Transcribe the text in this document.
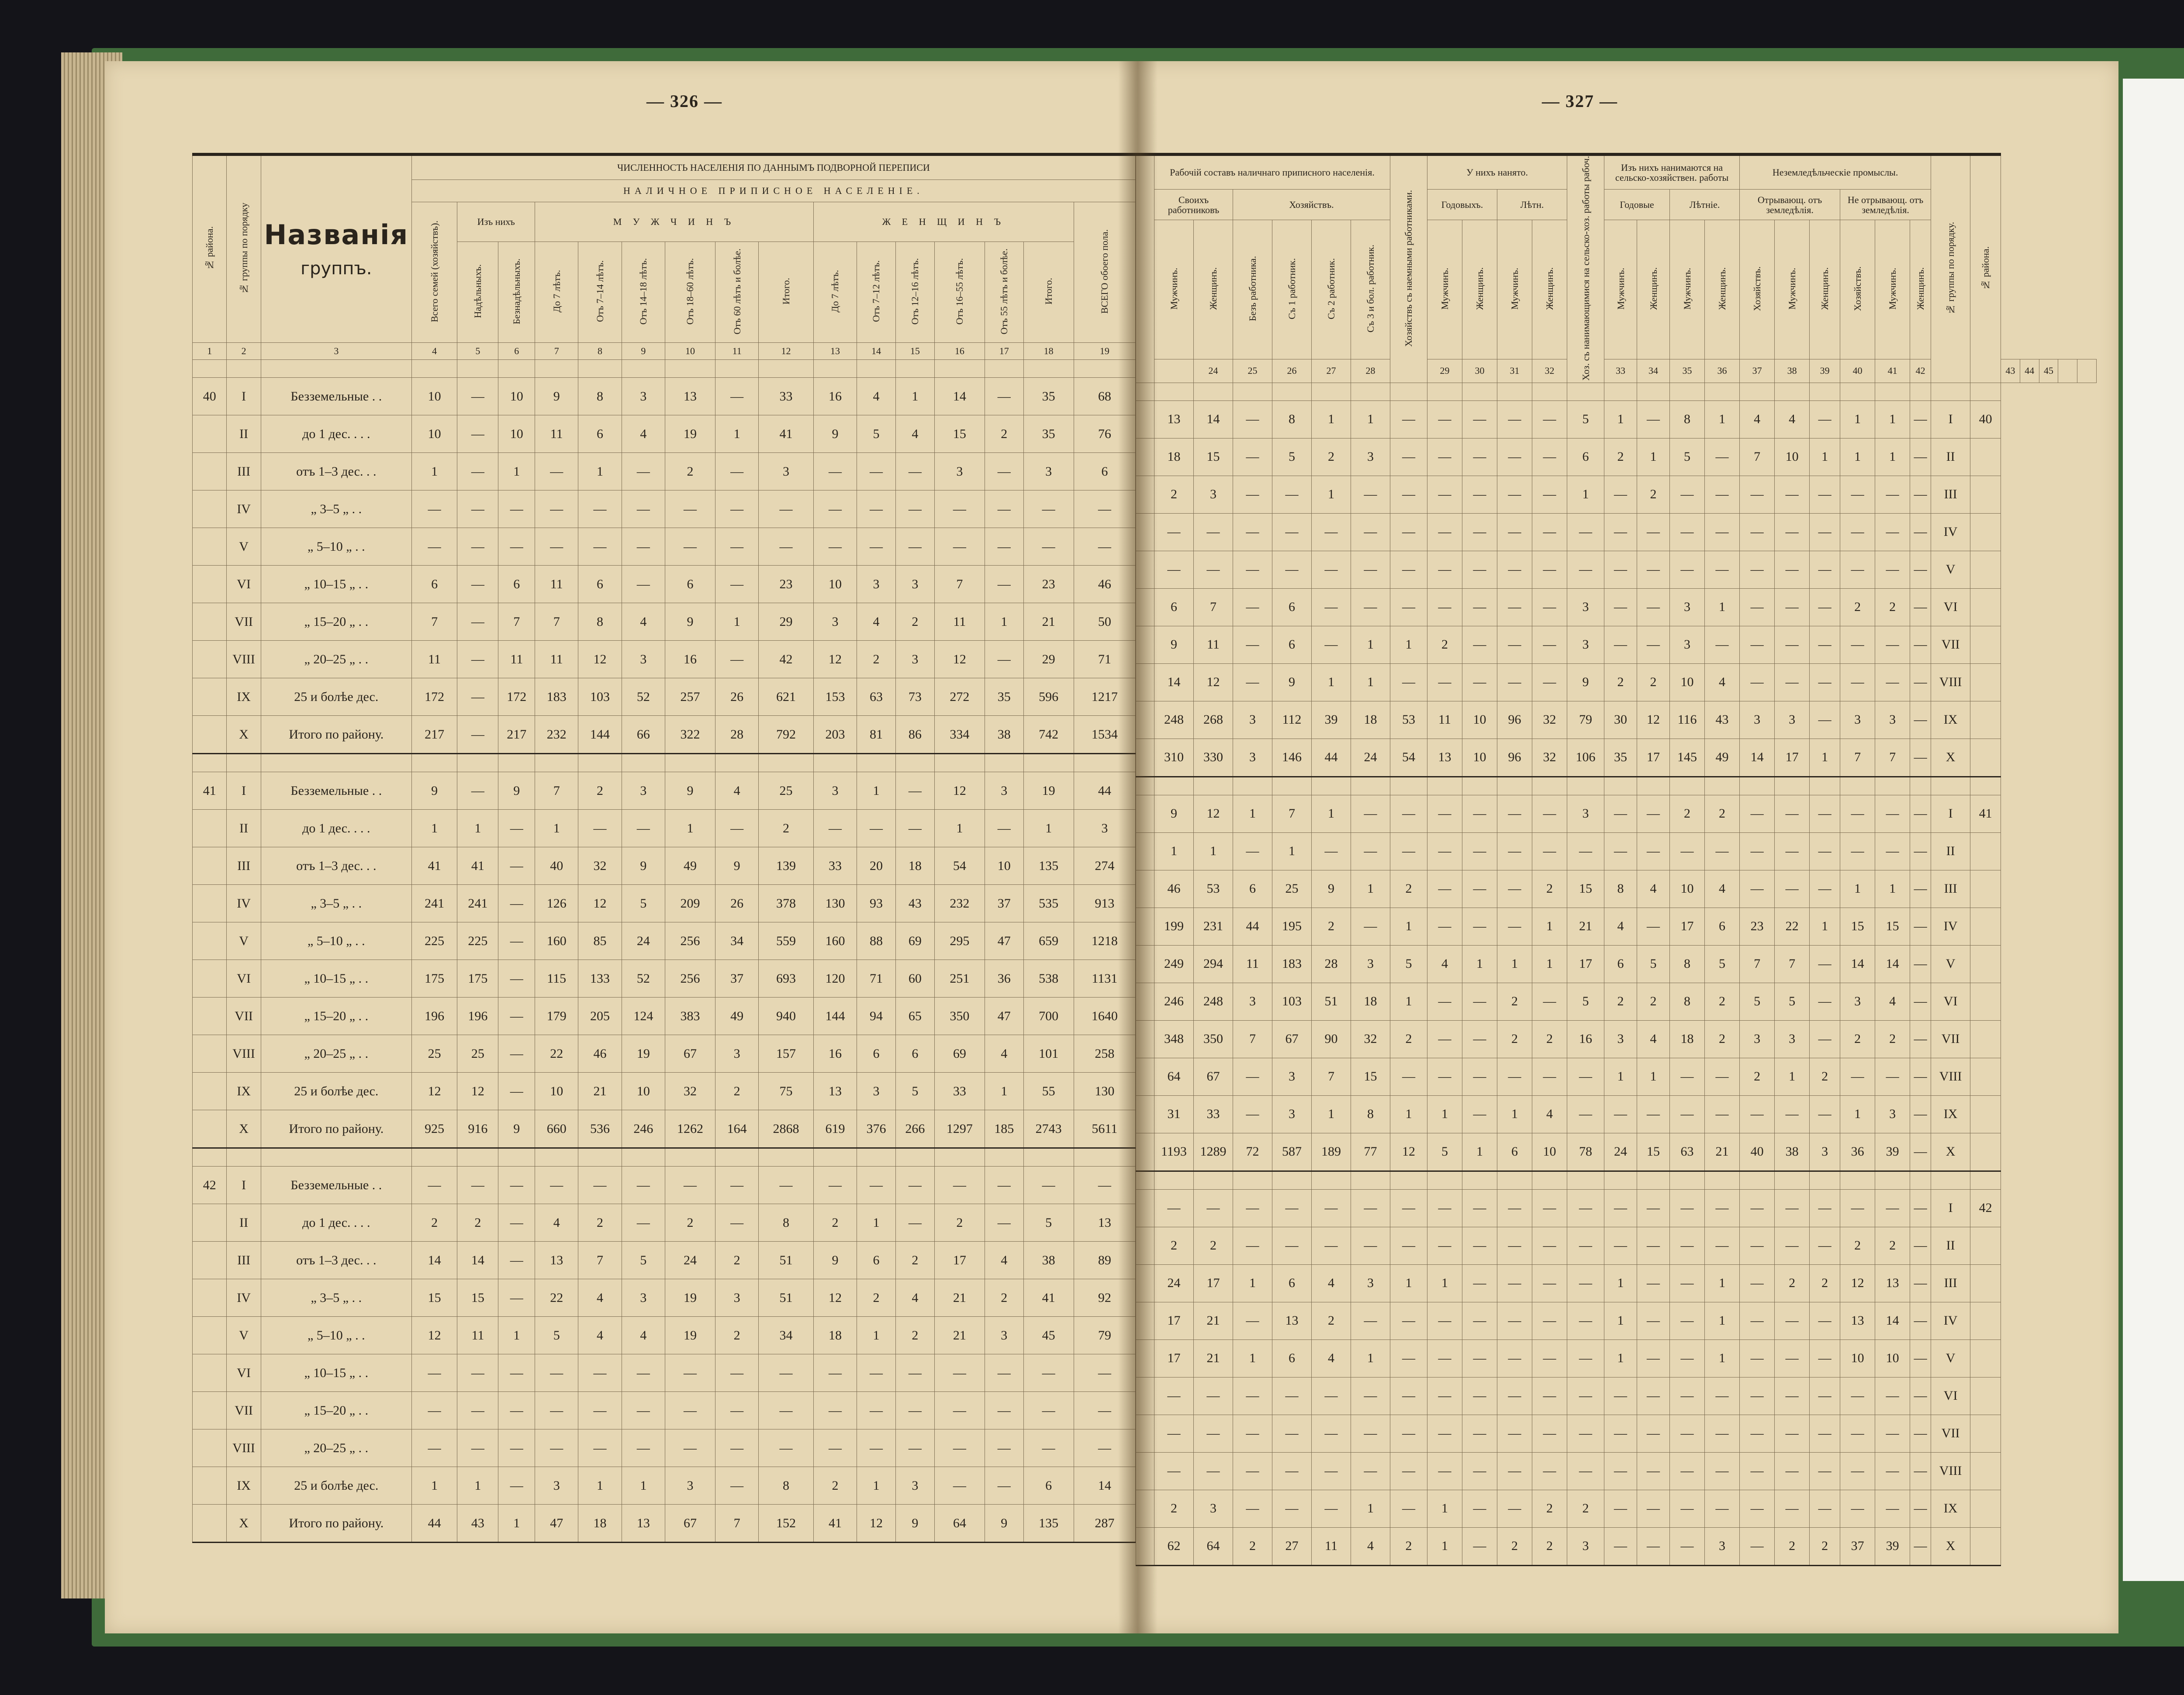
— 326 —
№ района.	№ группы по порядку	Названія

группъ.	ЧИСЛЕННОСТЬ НАСЕЛЕНІЯ ПО ДАННЫМЪ ПОДВОРНОЙ ПЕРЕПИСИ															
			НАЛИЧНОЕ ПРИПИСНОЕ НАСЕЛЕНІЕ.															
			Всего семей (хозяйствъ).	Изъ нихъ		М У Ж Ч И Н Ъ						Ж Е Н Щ И Н Ъ						ВСЕГО обоего пола.
				Надѣльныхъ.	Безнадѣльныхъ.	До 7 лѣтъ.	Отъ 7–14 лѣтъ.	Отъ 14–18 лѣтъ.	Отъ 18–60 лѣтъ.	Отъ 60 лѣтъ и болѣе.	Итого.	До 7 лѣтъ.	Отъ 7–12 лѣтъ.	Отъ 12–16 лѣтъ.	Отъ 16–55 лѣтъ.	Отъ 55 лѣтъ и болѣе.	Итого.	
1	2	3	4	5	6	7	8	9	10	11	12	13	14	15	16	17	18	19

40	I	Безземельные . .	10	—	10	9	8	3	13	—	33	16	4	1	14	—	35	68
	II	до 1 дес. . . .	10	—	10	11	6	4	19	1	41	9	5	4	15	2	35	76
	III	отъ 1–3 дес. . .	1	—	1	—	1	—	2	—	3	—	—	—	3	—	3	6
	IV	„ 3–5 „ . .	—	—	—	—	—	—	—	—	—	—	—	—	—	—	—	—
	V	„ 5–10 „ . .	—	—	—	—	—	—	—	—	—	—	—	—	—	—	—	—
	VI	„ 10–15 „ . .	6	—	6	11	6	—	6	—	23	10	3	3	7	—	23	46
	VII	„ 15–20 „ . .	7	—	7	7	8	4	9	1	29	3	4	2	11	1	21	50
	VIII	„ 20–25 „ . .	11	—	11	11	12	3	16	—	42	12	2	3	12	—	29	71
	IX	25 и болѣе дес.	172	—	172	183	103	52	257	26	621	153	63	73	272	35	596	1217
	X	Итого по району.	217	—	217	232	144	66	322	28	792	203	81	86	334	38	742	1534

41	I	Безземельные . .	9	—	9	7	2	3	9	4	25	3	1	—	12	3	19	44
	II	до 1 дес. . . .	1	1	—	1	—	—	1	—	2	—	—	—	1	—	1	3
	III	отъ 1–3 дес. . .	41	41	—	40	32	9	49	9	139	33	20	18	54	10	135	274
	IV	„ 3–5 „ . .	241	241	—	126	12	5	209	26	378	130	93	43	232	37	535	913
	V	„ 5–10 „ . .	225	225	—	160	85	24	256	34	559	160	88	69	295	47	659	1218
	VI	„ 10–15 „ . .	175	175	—	115	133	52	256	37	693	120	71	60	251	36	538	1131
	VII	„ 15–20 „ . .	196	196	—	179	205	124	383	49	940	144	94	65	350	47	700	1640
	VIII	„ 20–25 „ . .	25	25	—	22	46	19	67	3	157	16	6	6	69	4	101	258
	IX	25 и болѣе дес.	12	12	—	10	21	10	32	2	75	13	3	5	33	1	55	130
	X	Итого по району.	925	916	9	660	536	246	1262	164	2868	619	376	266	1297	185	2743	5611

42	I	Безземельные . .	—	—	—	—	—	—	—	—	—	—	—	—	—	—	—	—
	II	до 1 дес. . . .	2	2	—	4	2	—	2	—	8	2	1	—	2	—	5	13
	III	отъ 1–3 дес. . .	14	14	—	13	7	5	24	2	51	9	6	2	17	4	38	89
	IV	„ 3–5 „ . .	15	15	—	22	4	3	19	3	51	12	2	4	21	2	41	92
	V	„ 5–10 „ . .	12	11	1	5	4	4	19	2	34	18	1	2	21	3	45	79
	VI	„ 10–15 „ . .	—	—	—	—	—	—	—	—	—	—	—	—	—	—	—	—
	VII	„ 15–20 „ . .	—	—	—	—	—	—	—	—	—	—	—	—	—	—	—	—
	VIII	„ 20–25 „ . .	—	—	—	—	—	—	—	—	—	—	—	—	—	—	—	—
	IX	25 и болѣе дес.	1	1	—	3	1	1	3	—	8	2	1	3	—	—	6	14
	X	Итого по району.	44	43	1	47	18	13	67	7	152	41	12	9	64	9	135	287
— 327 —
	Рабочій составъ наличнаго приписного населенія.						Хозяйствъ съ наемными работниками.	У нихъ нанято.				Хоз. съ нанимающимися на сельско-хоз. работы рабоч.	Изъ нихъ нанимаются на сельско-хозяйствен. работы				Неземледѣльческіе промыслы.						№ группы по порядку.	№ района.					
	Своихъ работниковъ		Хозяйствъ.					Годовыхъ.		Лѣтн.			Годовые		Лѣтніе.		Отрывающ. отъ земледѣлія.			Не отрывающ. отъ земледѣлія.									
	Мужчинъ.	Женщинъ.	Безъ работника.	Съ 1 работник.	Съ 2 работник.	Съ 3 и бол. работник.		Мужчинъ.	Женщинъ.	Мужчинъ.	Женщинъ.		Мужчинъ.	Женщинъ.	Мужчинъ.	Женщинъ.	Хозяйствъ.	Мужчинъ.	Женщинъ.	Хозяйствъ.	Мужчинъ.	Женщинъ.							
		24	25	26	27	28		29	30	31	32		33	34	35	36	37	38	39	40	41	42			43	44	45		

	13	14	—	8	1	1	—	—	—	—	—	5	1	—	8	1	4	4	—	1	1	—	I	40					
	18	15	—	5	2	3	—	—	—	—	—	6	2	1	5	—	7	10	1	1	1	—	II						
	2	3	—	—	1	—	—	—	—	—	—	1	—	2	—	—	—	—	—	—	—	—	III						
	—	—	—	—	—	—	—	—	—	—	—	—	—	—	—	—	—	—	—	—	—	—	IV						
	—	—	—	—	—	—	—	—	—	—	—	—	—	—	—	—	—	—	—	—	—	—	V						
	6	7	—	6	—	—	—	—	—	—	—	3	—	—	3	1	—	—	—	2	2	—	VI						
	9	11	—	6	—	1	1	2	—	—	—	3	—	—	3	—	—	—	—	—	—	—	VII						
	14	12	—	9	1	1	—	—	—	—	—	9	2	2	10	4	—	—	—	—	—	—	VIII						
	248	268	3	112	39	18	53	11	10	96	32	79	30	12	116	43	3	3	—	3	3	—	IX						
	310	330	3	146	44	24	54	13	10	96	32	106	35	17	145	49	14	17	1	7	7	—	X						

	9	12	1	7	1	—	—	—	—	—	—	3	—	—	2	2	—	—	—	—	—	—	I	41					
	1	1	—	1	—	—	—	—	—	—	—	—	—	—	—	—	—	—	—	—	—	—	II						
	46	53	6	25	9	1	2	—	—	—	2	15	8	4	10	4	—	—	—	1	1	—	III						
	199	231	44	195	2	—	1	—	—	—	1	21	4	—	17	6	23	22	1	15	15	—	IV						
	249	294	11	183	28	3	5	4	1	1	1	17	6	5	8	5	7	7	—	14	14	—	V						
	246	248	3	103	51	18	1	—	—	2	—	5	2	2	8	2	5	5	—	3	4	—	VI						
	348	350	7	67	90	32	2	—	—	2	2	16	3	4	18	2	3	3	—	2	2	—	VII						
	64	67	—	3	7	15	—	—	—	—	—	—	1	1	—	—	2	1	2	—	—	—	VIII						
	31	33	—	3	1	8	1	1	—	1	4	—	—	—	—	—	—	—	—	1	3	—	IX						
	1193	1289	72	587	189	77	12	5	1	6	10	78	24	15	63	21	40	38	3	36	39	—	X						

	—	—	—	—	—	—	—	—	—	—	—	—	—	—	—	—	—	—	—	—	—	—	I	42					
	2	2	—	—	—	—	—	—	—	—	—	—	—	—	—	—	—	—	—	2	2	—	II						
	24	17	1	6	4	3	1	1	—	—	—	—	1	—	—	1	—	2	2	12	13	—	III						
	17	21	—	13	2	—	—	—	—	—	—	—	1	—	—	1	—	—	—	13	14	—	IV						
	17	21	1	6	4	1	—	—	—	—	—	—	1	—	—	1	—	—	—	10	10	—	V						
	—	—	—	—	—	—	—	—	—	—	—	—	—	—	—	—	—	—	—	—	—	—	VI						
	—	—	—	—	—	—	—	—	—	—	—	—	—	—	—	—	—	—	—	—	—	—	VII						
	—	—	—	—	—	—	—	—	—	—	—	—	—	—	—	—	—	—	—	—	—	—	VIII						
	2	3	—	—	—	1	—	1	—	—	2	2	—	—	—	—	—	—	—	—	—	—	IX						
	62	64	2	27	11	4	2	1	—	2	2	3	—	—	—	3	—	2	2	37	39	—	X						
